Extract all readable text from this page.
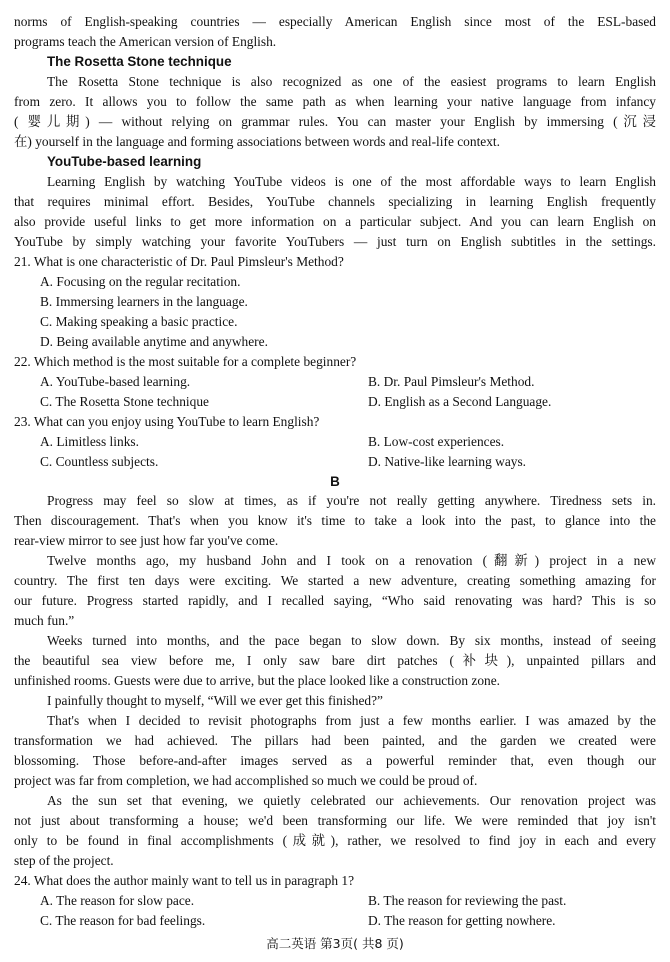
norms of English-speaking countries — especially American English since most of the ESL-based
programs teach the American version of English.
The Rosetta Stone technique
The Rosetta Stone technique is also recognized as one of the easiest programs to learn English
from zero. It allows you to follow the same path as when learning your native language from infancy
( 婴儿期) — without relying on grammar rules. You can master your English by immersing (沉浸
在) yourself in the language and forming associations between words and real-life context.
YouTube-based learning
Learning English by watching YouTube videos is one of the most affordable ways to learn English
that requires minimal effort. Besides, YouTube channels specializing in learning English frequently
also provide useful links to get more information on a particular subject. And you can learn English on
YouTube by simply watching your favorite YouTubers — just turn on English subtitles in the settings.
21. What is one characteristic of Dr. Paul Pimsleur's Method?
A. Focusing on the regular recitation.
B. Immersing learners in the language.
C. Making speaking a basic practice.
D. Being available anytime and anywhere.
22. Which method is the most suitable for a complete beginner?
A. YouTube-based learning.	B. Dr. Paul Pimsleur's Method.
C. The Rosetta Stone technique	D. English as a Second Language.
23. What can you enjoy using YouTube to learn English?
A. Limitless links.	B. Low-cost experiences.
C. Countless subjects.	D. Native-like learning ways.
B
Progress may feel so slow at times, as if you're not really getting anywhere. Tiredness sets in.
Then discouragement. That's when you know it's time to take a look into the past, to glance into the
rear-view mirror to see just how far you've come.
Twelve months ago, my husband John and I took on a renovation (翻新) project in a new
country. The first ten days were exciting. We started a new adventure, creating something amazing for
our future. Progress started rapidly, and I recalled saying, “Who said renovating was hard? This is so
much fun.”
Weeks turned into months, and the pace began to slow down. By six months, instead of seeing
the beautiful sea view before me, I only saw bare dirt patches (补块), unpainted pillars and
unfinished rooms. Guests were due to arrive, but the place looked like a construction zone.
I painfully thought to myself, “Will we ever get this finished?”
That's when I decided to revisit photographs from just a few months earlier. I was amazed by the
transformation we had achieved. The pillars had been painted, and the garden we created were
blossoming. Those before-and-after images served as a powerful reminder that, even though our
project was far from completion, we had accomplished so much we could be proud of.
As the sun set that evening, we quietly celebrated our achievements. Our renovation project was
not just about transforming a house; we'd been transforming our life. We were reminded that joy isn't
only to be found in final accomplishments (成就), rather, we resolved to find joy in each and every
step of the project.
24. What does the author mainly want to tell us in paragraph 1?
A. The reason for slow pace.	B. The reason for reviewing the past.
C. The reason for bad feelings.	D. The reason for getting nowhere.
高二英语 第3页( 共8 页)
